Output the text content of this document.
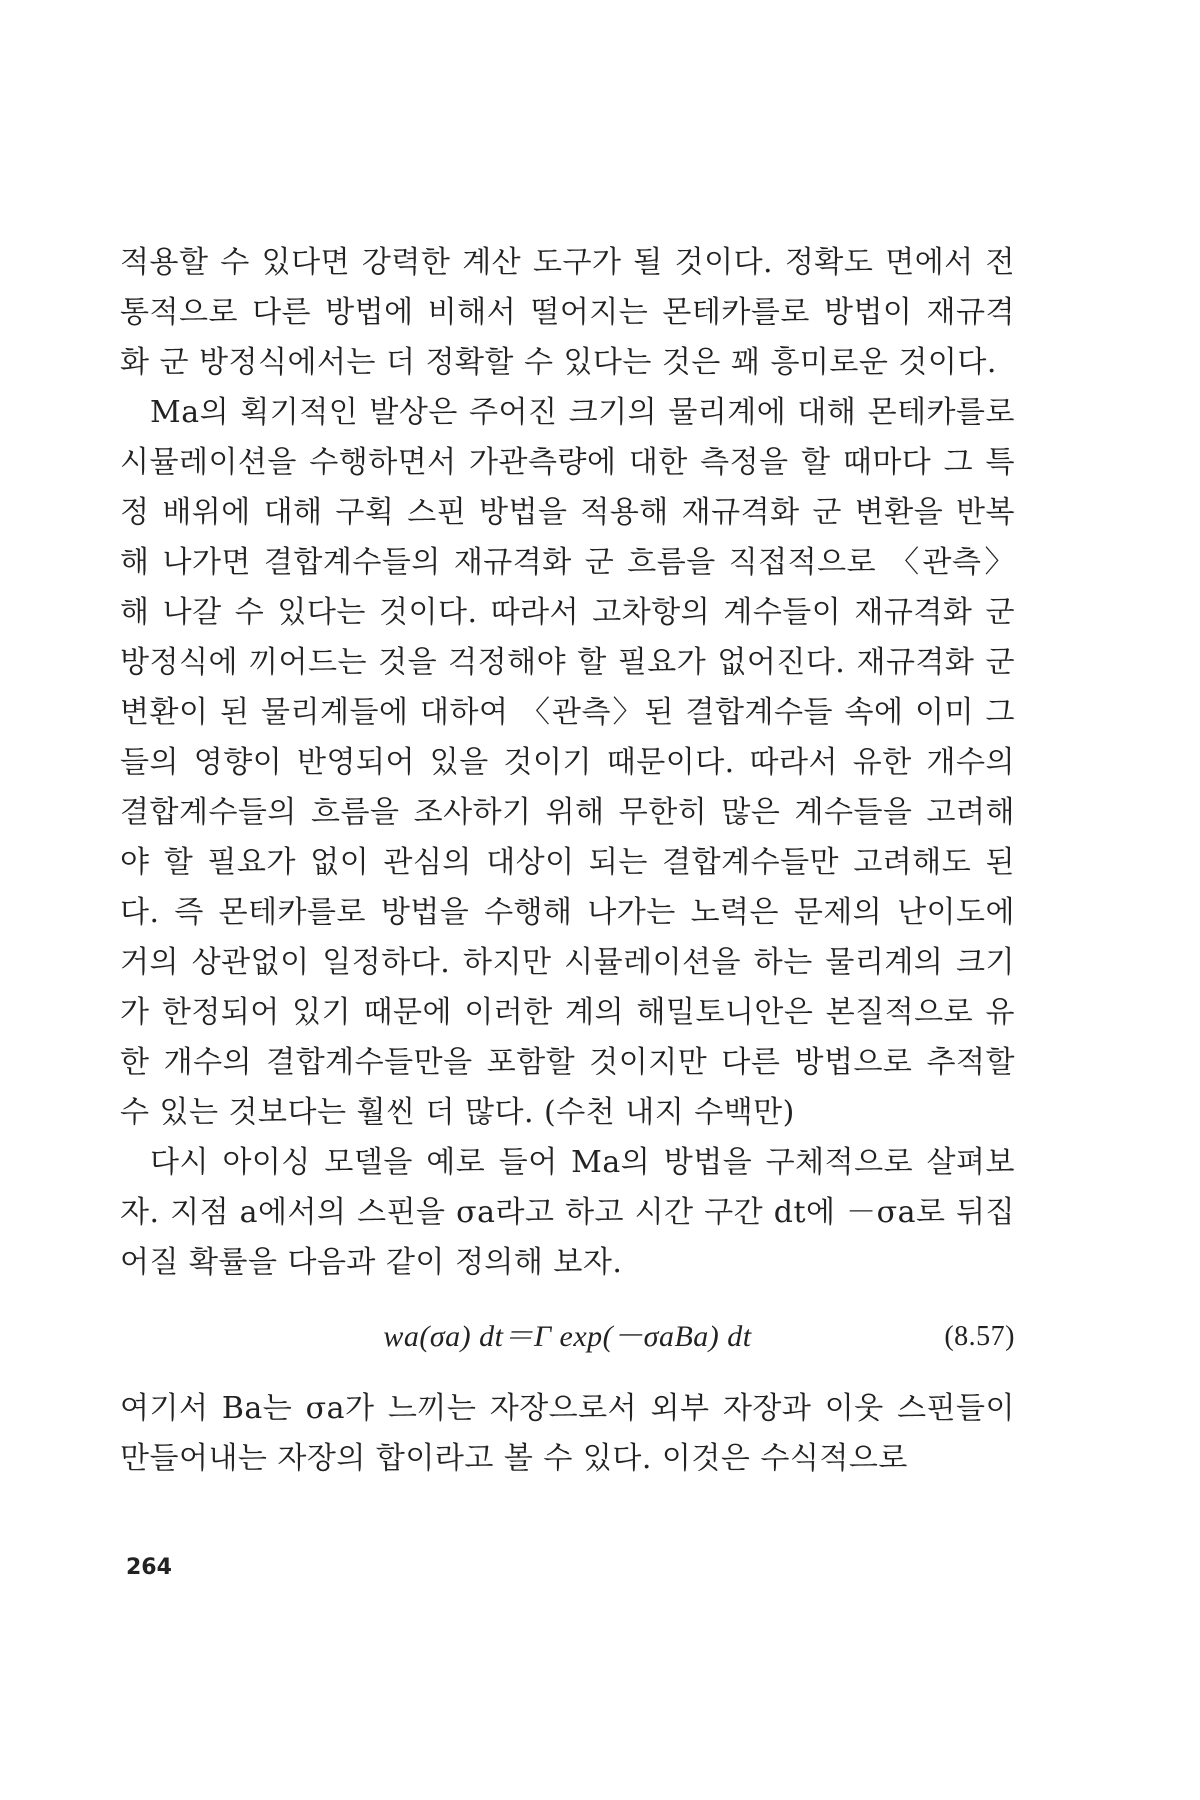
적용할 수 있다면 강력한 계산 도구가 될 것이다. 정확도 면에서 전통적으로 다른 방법에 비해서 떨어지는 몬테카를로 방법이 재규격화 군 방정식에서는 더 정확할 수 있다는 것은 꽤 흥미로운 것이다.

Ma의 획기적인 발상은 주어진 크기의 물리계에 대해 몬테카를로 시뮬레이션을 수행하면서 가관측량에 대한 측정을 할 때마다 그 특정 배위에 대해 구획 스핀 방법을 적용해 재규격화 군 변환을 반복해 나가면 결합계수들의 재규격화 군 흐름을 직접적으로 〈관측〉해 나갈 수 있다는 것이다. 따라서 고차항의 계수들이 재규격화 군 방정식에 끼어드는 것을 걱정해야 할 필요가 없어진다. 재규격화 군 변환이 된 물리계들에 대하여 〈관측〉된 결합계수들 속에 이미 그들의 영향이 반영되어 있을 것이기 때문이다. 따라서 유한 개수의 결합계수들의 흐름을 조사하기 위해 무한히 많은 계수들을 고려해야 할 필요가 없이 관심의 대상이 되는 결합계수들만 고려해도 된다. 즉 몬테카를로 방법을 수행해 나가는 노력은 문제의 난이도에 거의 상관없이 일정하다. 하지만 시뮬레이션을 하는 물리계의 크기가 한정되어 있기 때문에 이러한 계의 해밀토니안은 본질적으로 유한 개수의 결합계수들만을 포함할 것이지만 다른 방법으로 추적할 수 있는 것보다는 훨씬 더 많다. (수천 내지 수백만)

다시 아이싱 모델을 예로 들어 Ma의 방법을 구체적으로 살펴보자. 지점 a에서의 스핀을 σa라고 하고 시간 구간 dt에 －σa로 뒤집어질 확률을 다음과 같이 정의해 보자.

wa(σa) dt＝Γ exp(－σaBa) dt	(8.57)

여기서 Ba는 σa가 느끼는 자장으로서 외부 자장과 이웃 스핀들이 만들어내는 자장의 합이라고 볼 수 있다. 이것은 수식적으로

264
